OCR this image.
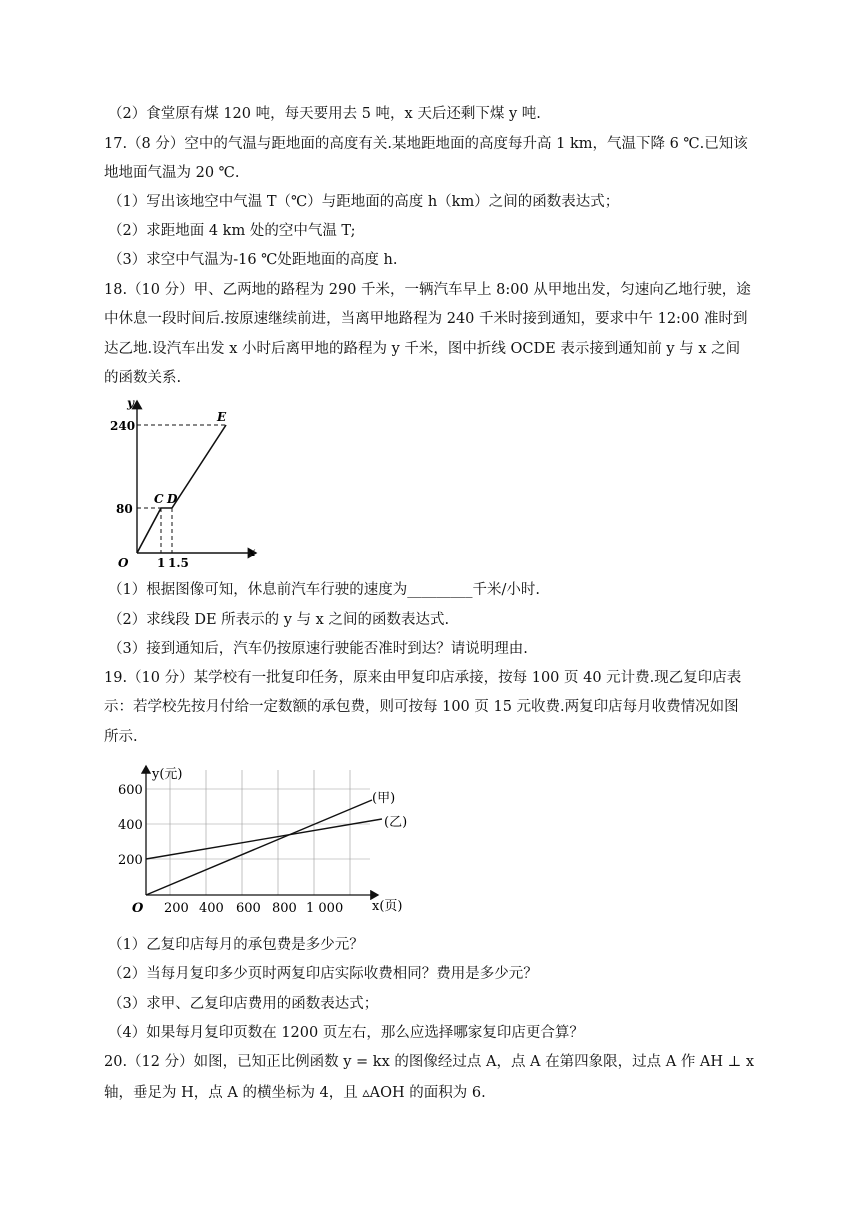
（2）食堂原有煤 120 吨，每天要用去 5 吨，x 天后还剩下煤 y 吨.
17.（8 分）空中的气温与距地面的高度有关.某地距地面的高度每升高 1 km，气温下降 6 ℃.已知该
地地面气温为 20 ℃.
（1）写出该地空中气温 T（℃）与距地面的高度 h（km）之间的函数表达式；
（2）求距地面 4 km 处的空中气温 T;
（3）求空中气温为-16 ℃处距地面的高度 h.
18.（10 分）甲、乙两地的路程为 290 千米，一辆汽车早上 8:00 从甲地出发，匀速向乙地行驶，途
中休息一段时间后.按原速继续前进，当离甲地路程为 240 千米时接到通知，要求中午 12:00 准时到
达乙地.设汽车出发 x 小时后离甲地的路程为 y 千米，图中折线 OCDE 表示接到通知前 y 与 x 之间
的函数关系.
y
x
O
240
80
1 1.5
C D
E
（1）根据图像可知，休息前汽车行驶的速度为_________千米/小时.
（2）求线段 DE 所表示的 y 与 x 之间的函数表达式.
（3）接到通知后，汽车仍按原速行驶能否准时到达？请说明理由.
19.（10 分）某学校有一批复印任务，原来由甲复印店承接，按每 100 页 40 元计费.现乙复印店表
示：若学校先按月付给一定数额的承包费，则可按每 100 页 15 元收费.两复印店每月收费情况如图
所示.
y(元)
x(页)
O
600
400
200
200 400 600 800 1 000
(甲)
(乙)
（1）乙复印店每月的承包费是多少元？
（2）当每月复印多少页时两复印店实际收费相同？费用是多少元？
（3）求甲、乙复印店费用的函数表达式；
（4）如果每月复印页数在 1200 页左右，那么应选择哪家复印店更合算？
20.（12 分）如图，已知正比例函数 y = kx 的图像经过点 A，点 A 在第四象限，过点 A 作 AH ⊥ x
轴，垂足为 H，点 A 的横坐标为 4，且 ▵AOH 的面积为 6.
